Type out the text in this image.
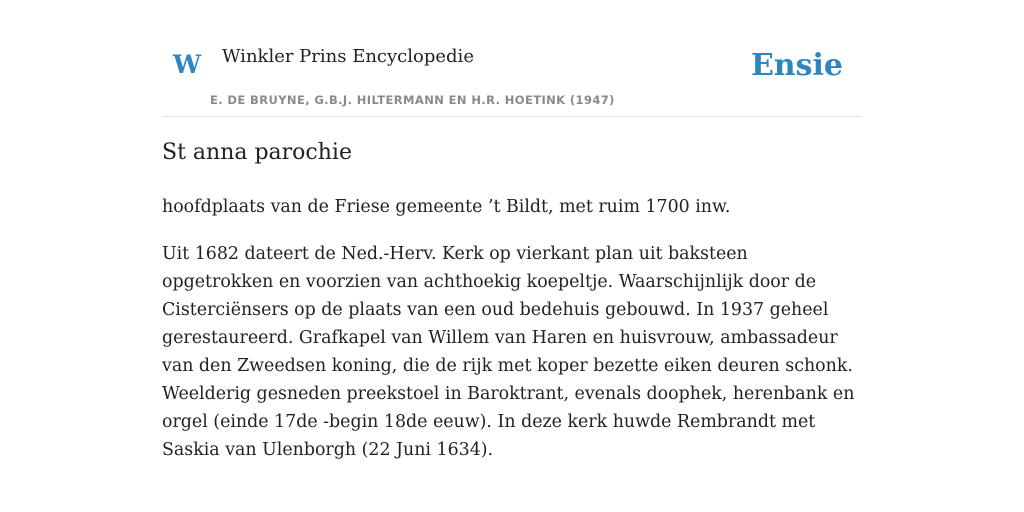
W Winkler Prins Encyclopedie
E. DE BRUYNE, G.B.J. HILTERMANN EN H.R. HOETINK (1947)
Ensie
St anna parochie

hoofdplaats van de Friese gemeente ’t Bildt, met ruim 1700 inw.

Uit 1682 dateert de Ned.-Herv. Kerk op vierkant plan uit baksteen opgetrokken en voorzien van achthoekig koepeltje. Waarschijnlijk door de Cisterciënsers op de plaats van een oud bedehuis gebouwd. In 1937 geheel gerestaureerd. Grafkapel van Willem van Haren en huisvrouw, ambassadeur van den Zweedsen koning, die de rijk met koper bezette eiken deuren schonk. Weelderig gesneden preekstoel in Baroktrant, evenals doophek, herenbank en orgel (einde 17de -begin 18de eeuw). In deze kerk huwde Rembrandt met Saskia van Ulenborgh (22 Juni 1634).
